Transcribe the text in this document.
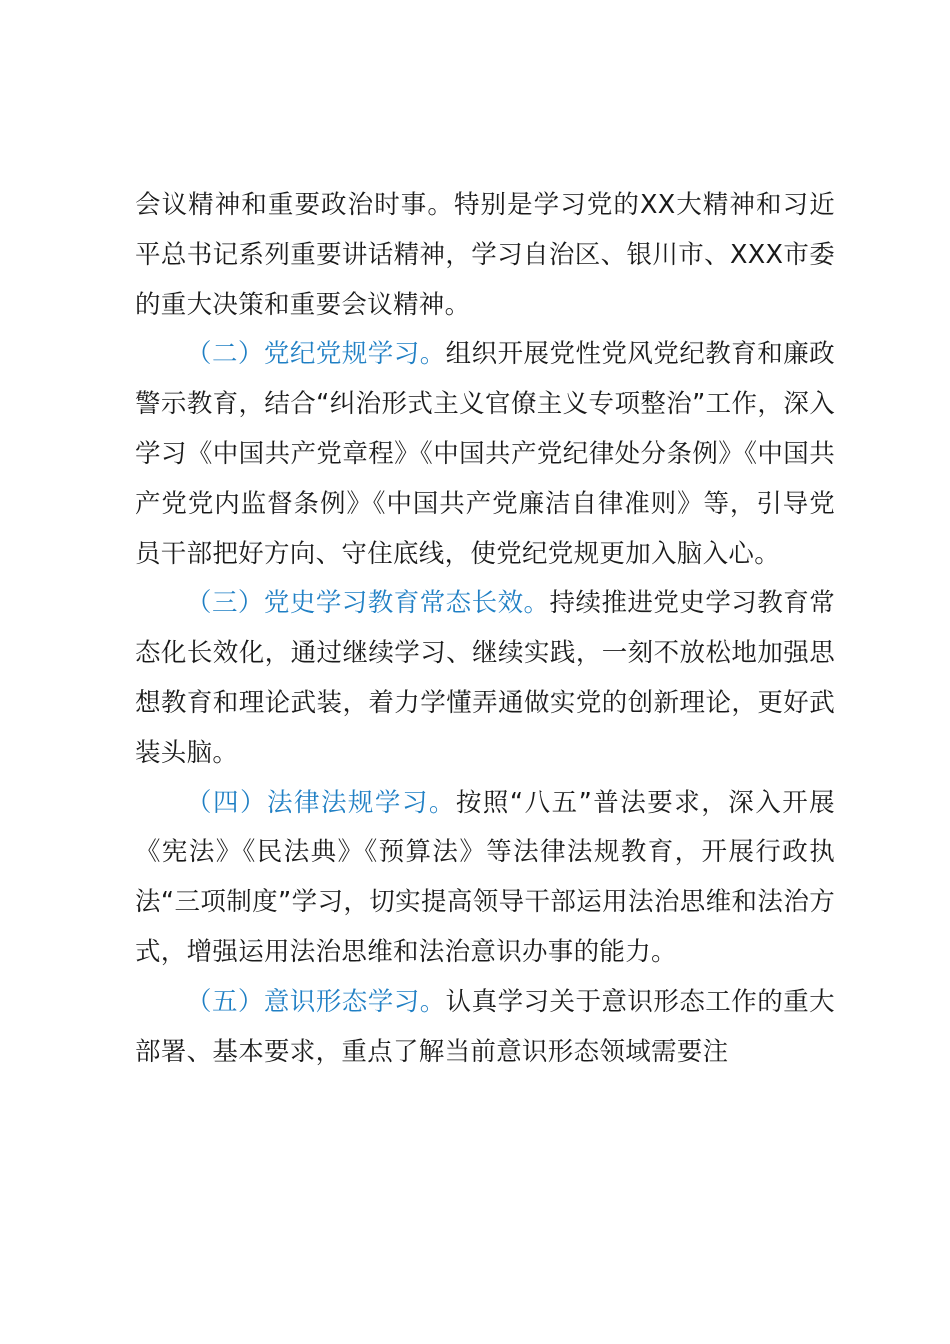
会议精神和重要政治时事。特别是学习党的XX大精神和习近平总书记系列重要讲话精神，学习自治区、银川市、XXX市委的重大决策和重要会议精神。

（二）党纪党规学习。组织开展党性党风党纪教育和廉政警示教育，结合“纠治形式主义官僚主义专项整治”工作，深入学习《中国共产党章程》《中国共产党纪律处分条例》《中国共产党党内监督条例》《中国共产党廉洁自律准则》等，引导党员干部把好方向、守住底线，使党纪党规更加入脑入心。

（三）党史学习教育常态长效。持续推进党史学习教育常态化长效化，通过继续学习、继续实践，一刻不放松地加强思想教育和理论武装，着力学懂弄通做实党的创新理论，更好武装头脑。

（四）法律法规学习。按照“八五”普法要求，深入开展《宪法》《民法典》《预算法》等法律法规教育，开展行政执法“三项制度”学习，切实提高领导干部运用法治思维和法治方式，增强运用法治思维和法治意识办事的能力。

（五）意识形态学习。认真学习关于意识形态工作的重大部署、基本要求，重点了解当前意识形态领域需要注
